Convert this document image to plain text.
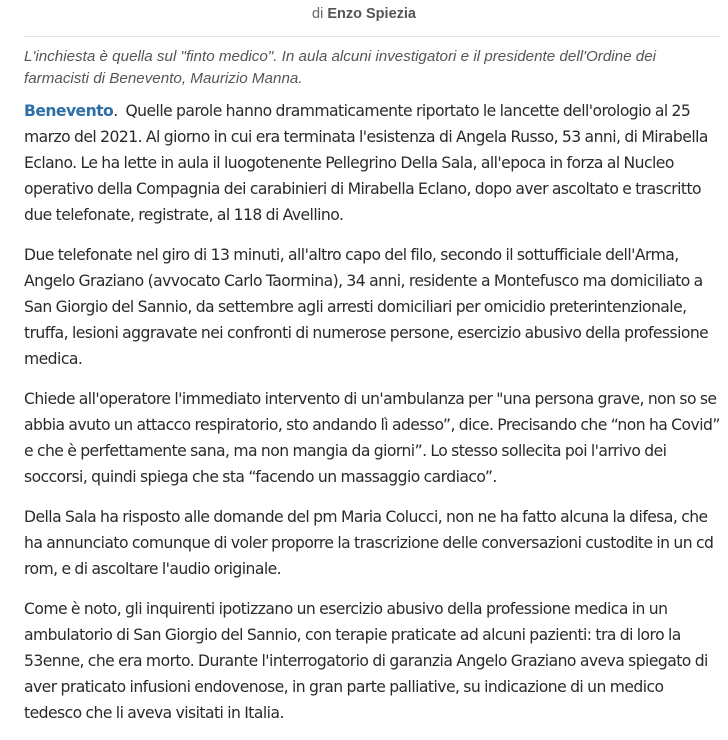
di Enzo Spiezia

L'inchiesta è quella sul "finto medico". In aula alcuni investigatori e il presidente dell'Ordine dei farmacisti di Benevento, Maurizio Manna.

Benevento.  Quelle parole hanno drammaticamente riportato le lancette dell'orologio al 25 marzo del 2021. Al giorno in cui era terminata l'esistenza di Angela Russo, 53 anni, di Mirabella Eclano. Le ha lette in aula il luogotenente Pellegrino Della Sala, all'epoca in forza al Nucleo operativo della Compagnia dei carabinieri di Mirabella Eclano, dopo aver ascoltato e trascritto due telefonate, registrate, al 118 di Avellino.

Due telefonate nel giro di 13 minuti, all'altro capo del filo, secondo il sottufficiale dell'Arma, Angelo Graziano (avvocato Carlo Taormina), 34 anni, residente a Montefusco ma domiciliato a San Giorgio del Sannio, da settembre agli arresti domiciliari per omicidio preterintenzionale, truffa, lesioni aggravate nei confronti di numerose persone, esercizio abusivo della professione medica.

Chiede all'operatore l'immediato intervento di un'ambulanza per "una persona grave, non so se abbia avuto un attacco respiratorio, sto andando lì adesso”, dice. Precisando che “non ha Covid” e che è perfettamente sana, ma non mangia da giorni”. Lo stesso sollecita poi l'arrivo dei soccorsi, quindi spiega che sta “facendo un massaggio cardiaco”.

Della Sala ha risposto alle domande del pm Maria Colucci, non ne ha fatto alcuna la difesa, che ha annunciato comunque di voler proporre la trascrizione delle conversazioni custodite in un cd rom, e di ascoltare l'audio originale.

Come è noto, gli inquirenti ipotizzano un esercizio abusivo della professione medica in un ambulatorio di San Giorgio del Sannio, con terapie praticate ad alcuni pazienti: tra di loro la 53enne, che era morto. Durante l'interrogatorio di garanzia Angelo Graziano aveva spiegato di aver praticato infusioni endovenose, in gran parte palliative, su indicazione di un medico tedesco che li aveva visitati in Italia.
